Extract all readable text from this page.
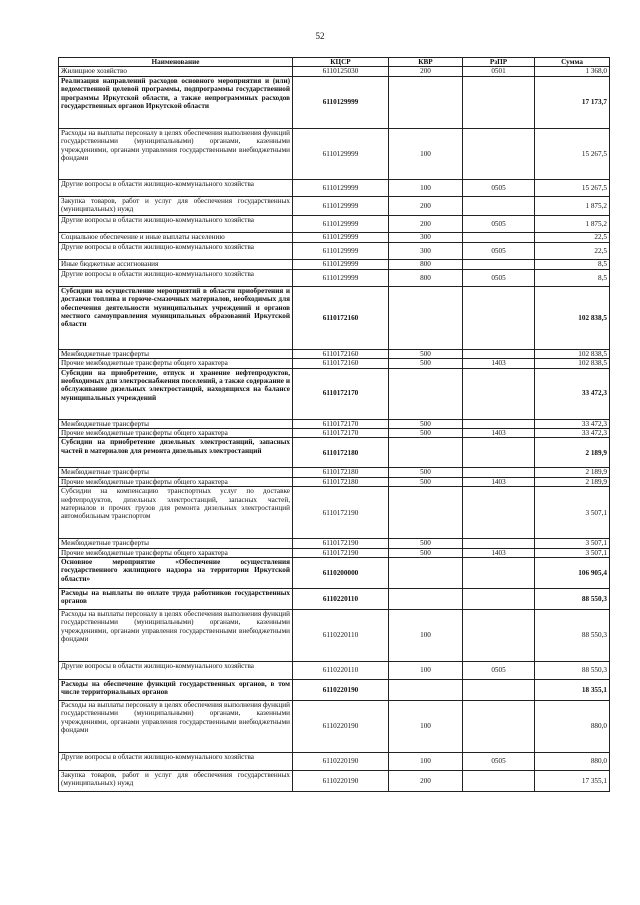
52
Наименование	КЦСР	КВР	РзПР	Сумма
Жилищное хозяйство	6110125030	200	0501	1 368,0
Реализация направлений расходов основного мероприятия и (или) ведомственной целевой программы, подпрограммы государственной программы Иркутской области, а также непрограммных расходов государственных органов Иркутской области	6110129999			17 173,7
Расходы на выплаты персоналу в целях обеспечения выполнения функций государственными (муниципальными) органами, казенными учреждениями, органами управления государственными внебюджетными фондами	6110129999	100		15 267,5
Другие вопросы в области жилищно-коммунального хозяйства	6110129999	100	0505	15 267,5
Закупка товаров, работ и услуг для обеспечения государственных (муниципальных) нужд	6110129999	200		1 875,2
Другие вопросы в области жилищно-коммунального хозяйства	6110129999	200	0505	1 875,2
Социальное обеспечение и иные выплаты населению	6110129999	300		22,5
Другие вопросы в области жилищно-коммунального хозяйства	6110129999	300	0505	22,5
Иные бюджетные ассигнования	6110129999	800		8,5
Другие вопросы в области жилищно-коммунального хозяйства	6110129999	800	0505	8,5
Субсидии на осуществление мероприятий в области приобретения и доставки топлива и горюче-смазочных материалов, необходимых для обеспечения деятельности муниципальных учреждений и органов местного самоуправления муниципальных образований Иркутской области	6110172160			102 838,5
Межбюджетные трансферты	6110172160	500		102 838,5
Прочие межбюджетные трансферты общего характера	6110172160	500	1403	102 838,5
Субсидии на приобретение, отпуск и хранение нефтепродуктов, необходимых для электроснабжения поселений, а также содержание и обслуживание дизельных электростанций, находящихся на балансе муниципальных учреждений	6110172170			33 472,3
Межбюджетные трансферты	6110172170	500		33 472,3
Прочие межбюджетные трансферты общего характера	6110172170	500	1403	33 472,3
Субсидии на приобретение дизельных электростанций, запасных частей в материалов для ремонта дизельных электростанций	6110172180			2 189,9
Межбюджетные трансферты	6110172180	500		2 189,9
Прочие межбюджетные трансферты общего характера	6110172180	500	1403	2 189,9
Субсидии на компенсацию транспортных услуг по доставке нефтепродуктов, дизельных электростанций, запасных частей, материалов и прочих грузов для ремонта дизельных электростанций автомобильным транспортом	6110172190			3 507,1
Межбюджетные трансферты	6110172190	500		3 507,1
Прочие межбюджетные трансферты общего характера	6110172190	500	1403	3 507,1
Основное мероприятие «Обеспечение осуществления государственного жилищного надзора на территории Иркутской области»	6110200000			106 905,4
Расходы на выплаты по оплате труда работников государственных органов	6110220110			88 550,3
Расходы на выплаты персоналу в целях обеспечения выполнения функций государственными (муниципальными) органами, казенными учреждениями, органами управления государственными внебюджетными фондами	6110220110	100		88 550,3
Другие вопросы в области жилищно-коммунального хозяйства	6110220110	100	0505	88 550,3
Расходы на обеспечение функций государственных органов, в том числе территориальных органов	6110220190			18 355,1
Расходы на выплаты персоналу в целях обеспечения выполнения функций государственными (муниципальными) органами, казенными учреждениями, органами управления государственными внебюджетными фондами	6110220190	100		880,0
Другие вопросы в области жилищно-коммунального хозяйства	6110220190	100	0505	880,0
Закупка товаров, работ и услуг для обеспечения государственных (муниципальных) нужд	6110220190	200		17 355,1
